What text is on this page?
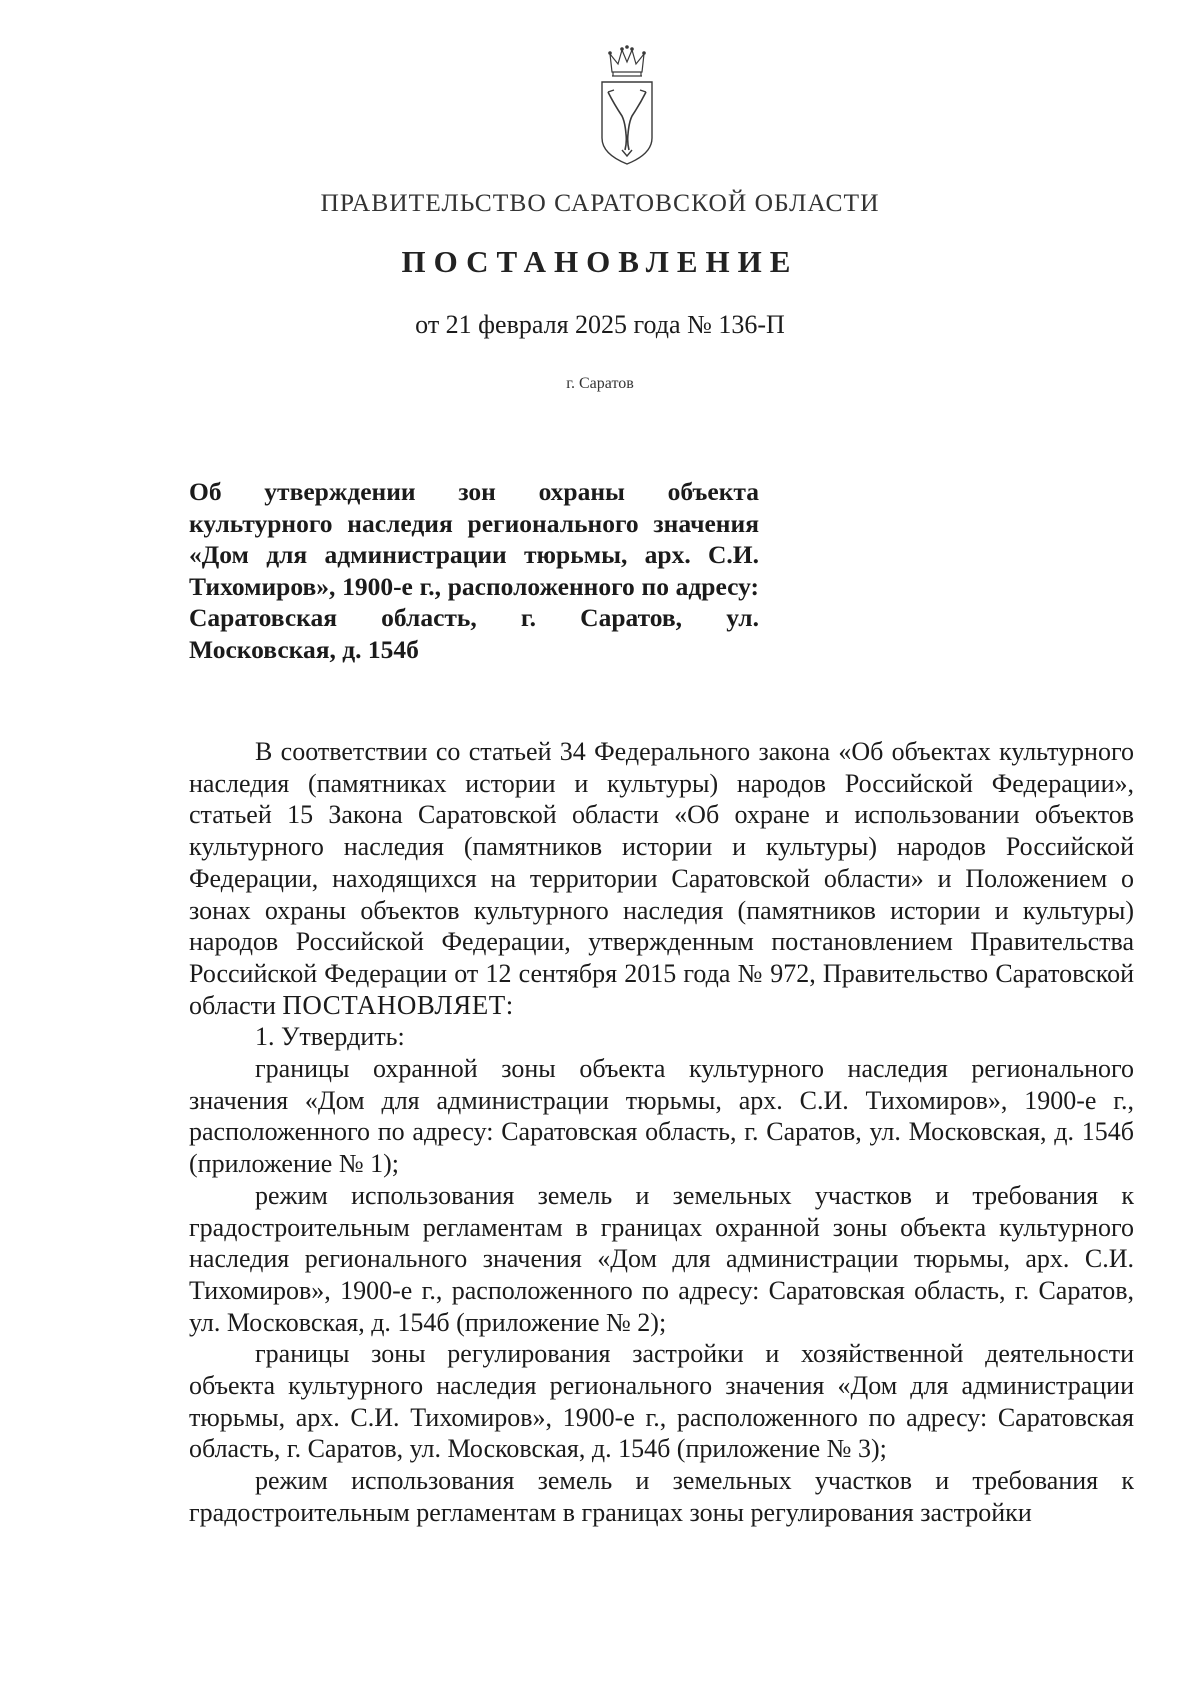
ПРАВИТЕЛЬСТВО САРАТОВСКОЙ ОБЛАСТИ
ПОСТАНОВЛЕНИЕ
от 21 февраля 2025 года № 136-П
г. Саратов

Об утверждении зон охраны объекта культурного наследия регионального значения «Дом для администрации тюрьмы, арх. С.И. Тихомиров», 1900-е г., расположенного по адресу: Саратовская область, г. Саратов, ул. Московская, д. 154б

В соответствии со статьей 34 Федерального закона «Об объектах культурного наследия (памятниках истории и культуры) народов Российской Федерации», статьей 15 Закона Саратовской области «Об охране и использовании объектов культурного наследия (памятников истории и культуры) народов Российской Федерации, находящихся на территории Саратовской области» и Положением о зонах охраны объектов культурного наследия (памятников истории и культуры) народов Российской Федерации, утвержденным постановлением Правительства Российской Федерации от 12 сентября 2015 года № 972, Правительство Саратовской области ПОСТАНОВЛЯЕТ:

1. Утвердить:

границы охранной зоны объекта культурного наследия регионального значения «Дом для администрации тюрьмы, арх. С.И. Тихомиров», 1900-е г., расположенного по адресу: Саратовская область, г. Саратов, ул. Московская, д. 154б (приложение № 1);

режим использования земель и земельных участков и требования к градостроительным регламентам в границах охранной зоны объекта культурного наследия регионального значения «Дом для администрации тюрьмы, арх. С.И. Тихомиров», 1900-е г., расположенного по адресу: Саратовская область, г. Саратов, ул. Московская, д. 154б (приложение № 2);

границы зоны регулирования застройки и хозяйственной деятельности объекта культурного наследия регионального значения «Дом для администрации тюрьмы, арх. С.И. Тихомиров», 1900-е г., расположенного по адресу: Саратовская область, г. Саратов, ул. Московская, д. 154б (приложение № 3);

режим использования земель и земельных участков и требования к градостроительным регламентам в границах зоны регулирования застройки
